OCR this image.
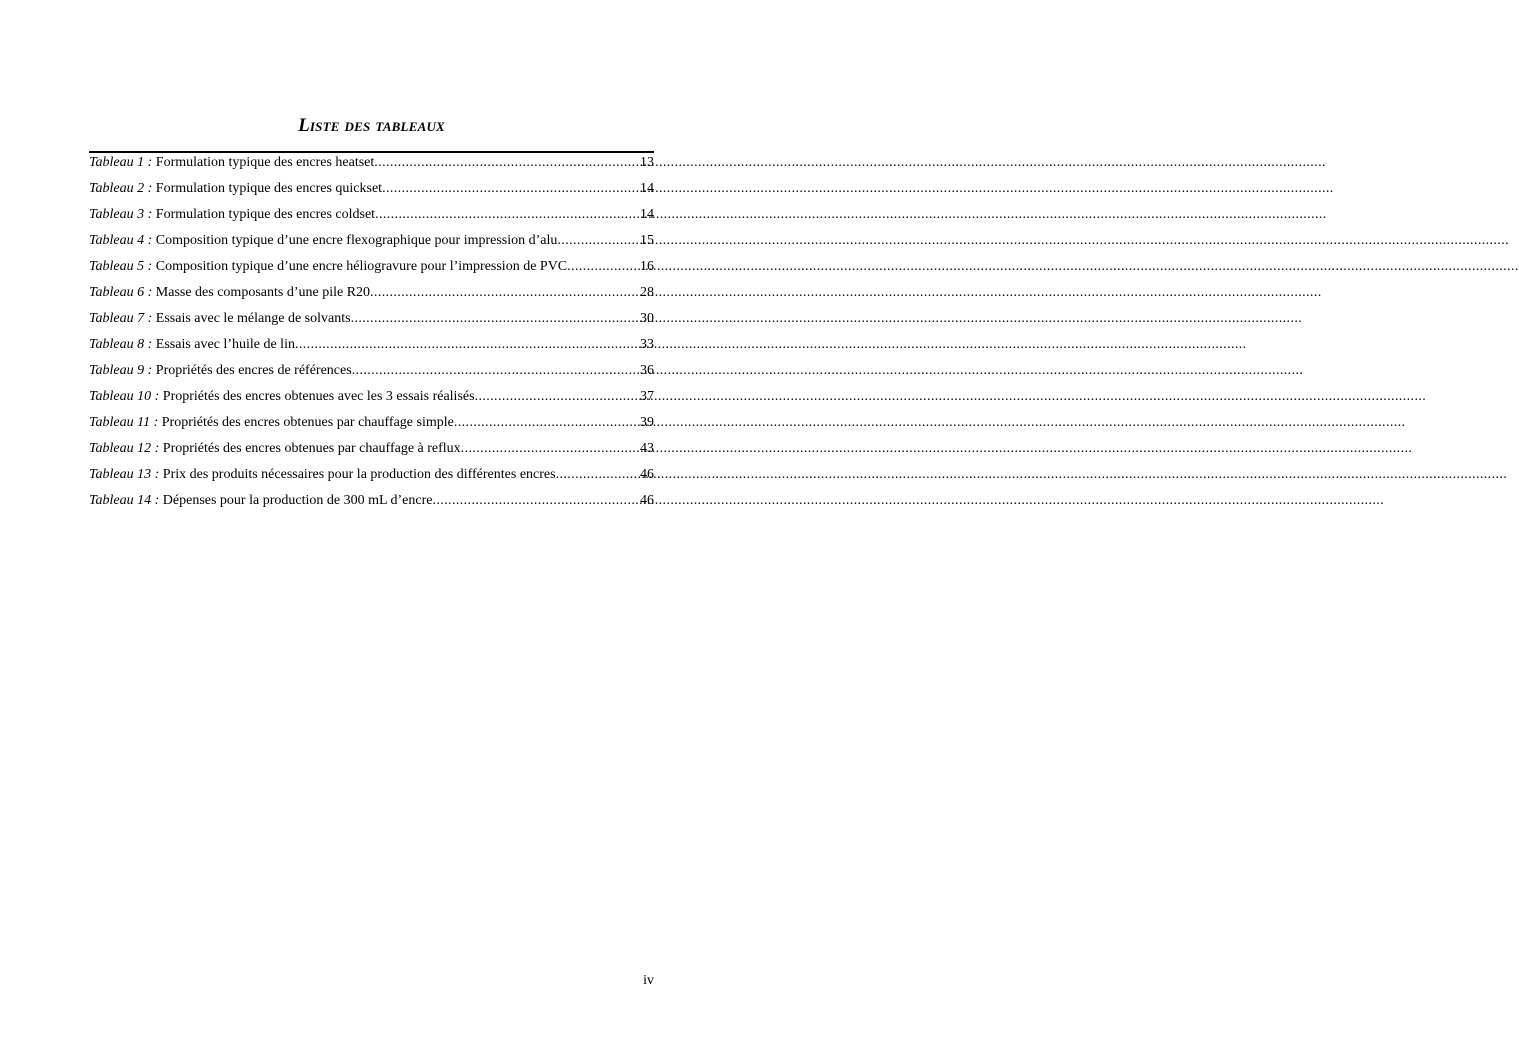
Liste des tableaux
Tableau 1 : Formulation typique des encres heatset .....	13
Tableau 2 : Formulation typique des encres quickset .....	14
Tableau 3 : Formulation typique des encres coldset .....	14
Tableau 4 : Composition typique d’une encre flexographique pour impression d’alu .....	15
Tableau 5 : Composition typique d’une encre héliogravure pour l’impression de PVC .....	16
Tableau 6 : Masse des composants d’une pile R20 .....	28
Tableau 7 : Essais avec le mélange de solvants .....	30
Tableau 8 : Essais avec l’huile de lin .....	33
Tableau 9 : Propriétés des encres de références .....	36
Tableau 10 : Propriétés des encres obtenues avec les 3 essais réalisés .....	37
Tableau 11 : Propriétés des encres obtenues par chauffage simple .....	39
Tableau 12 : Propriétés des encres obtenues par chauffage à reflux .....	43
Tableau 13 : Prix des produits nécessaires pour la production des différentes encres .....	46
Tableau 14 : Dépenses pour la production de 300 mL d’encre .....	46
iv
